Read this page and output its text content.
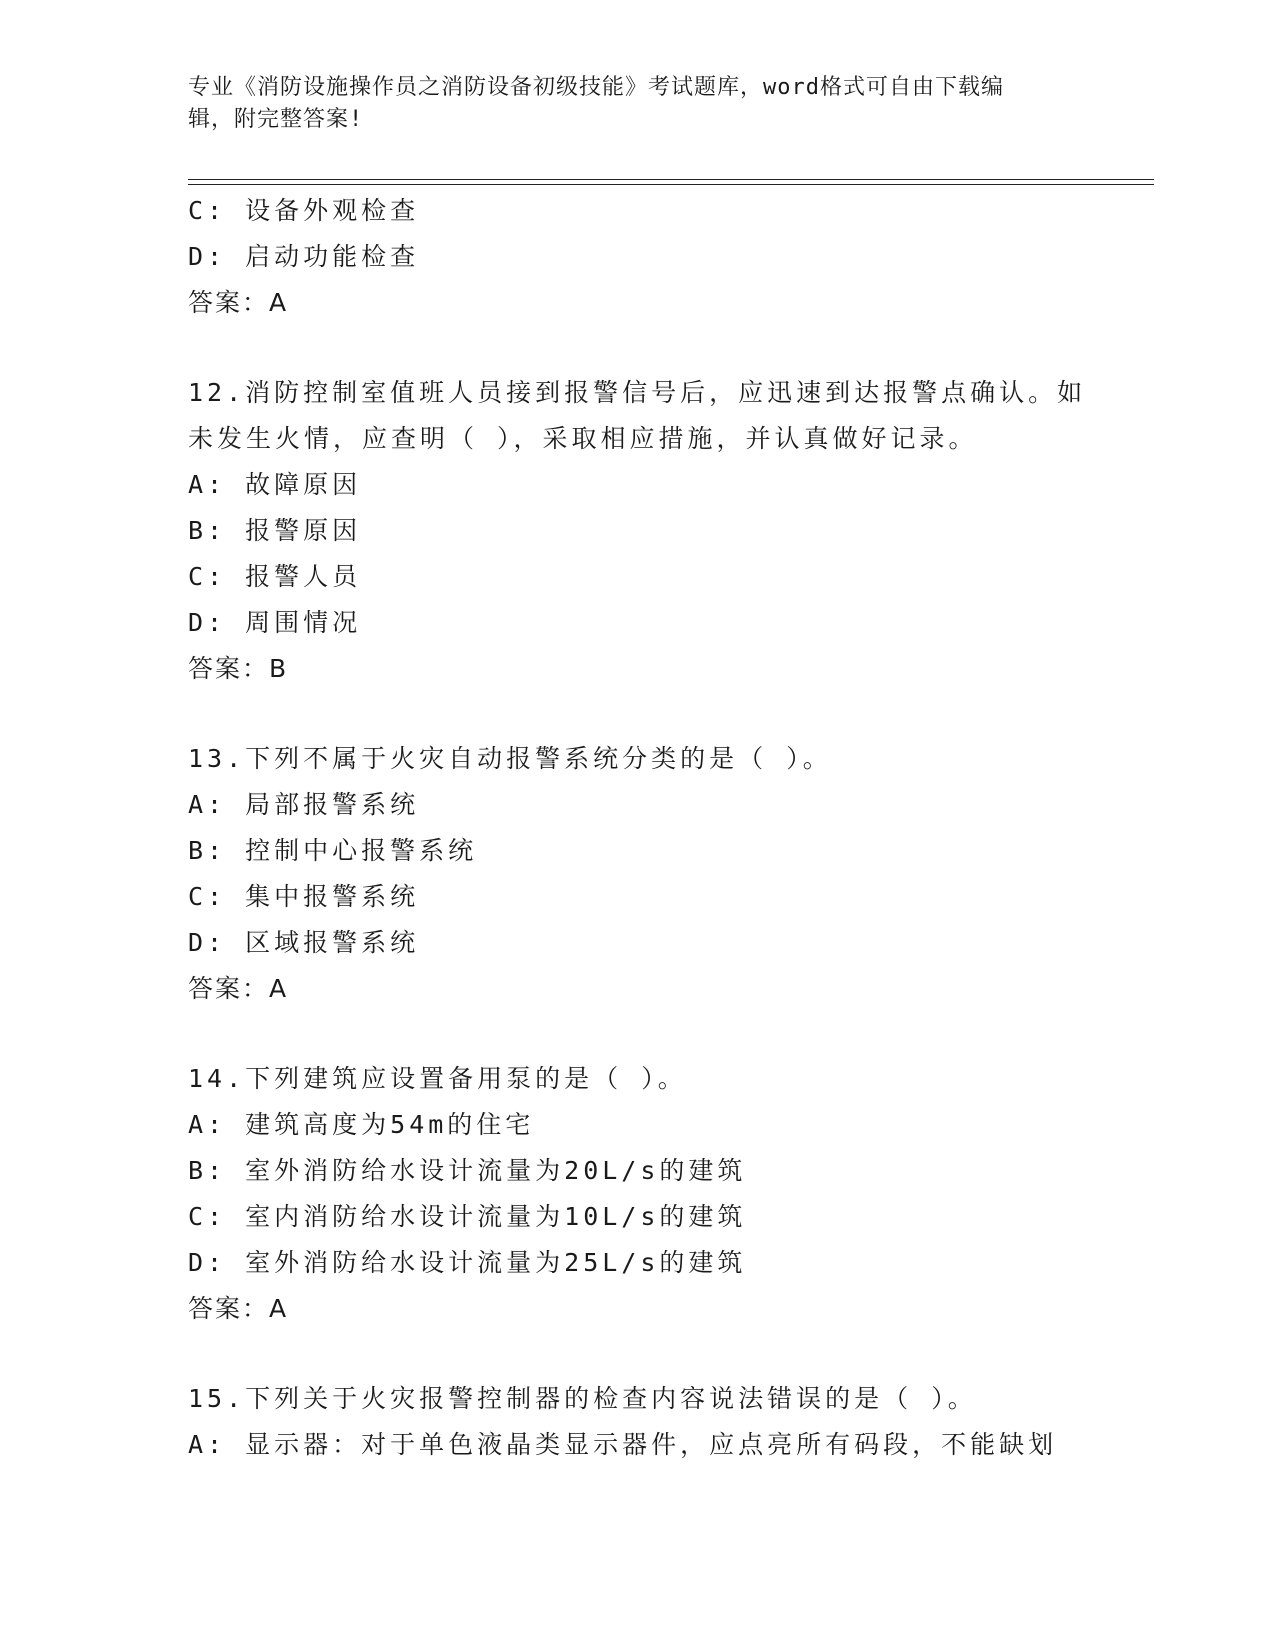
专业《消防设施操作员之消防设备初级技能》考试题库，word格式可自由下载编
辑，附完整答案!
C: 设备外观检查
D: 启动功能检查
答案：A
12.消防控制室值班人员接到报警信号后，应迅速到达报警点确认。如
未发生火情，应查明（ ），采取相应措施，并认真做好记录。
A: 故障原因
B: 报警原因
C: 报警人员
D: 周围情况
答案：B
13.下列不属于火灾自动报警系统分类的是（ ）。
A: 局部报警系统
B: 控制中心报警系统
C: 集中报警系统
D: 区域报警系统
答案：A
14.下列建筑应设置备用泵的是（ ）。
A: 建筑高度为54m的住宅
B: 室外消防给水设计流量为20L/s的建筑
C: 室内消防给水设计流量为10L/s的建筑
D: 室外消防给水设计流量为25L/s的建筑
答案：A
15.下列关于火灾报警控制器的检查内容说法错误的是（ ）。
A: 显示器：对于单色液晶类显示器件，应点亮所有码段，不能缺划
